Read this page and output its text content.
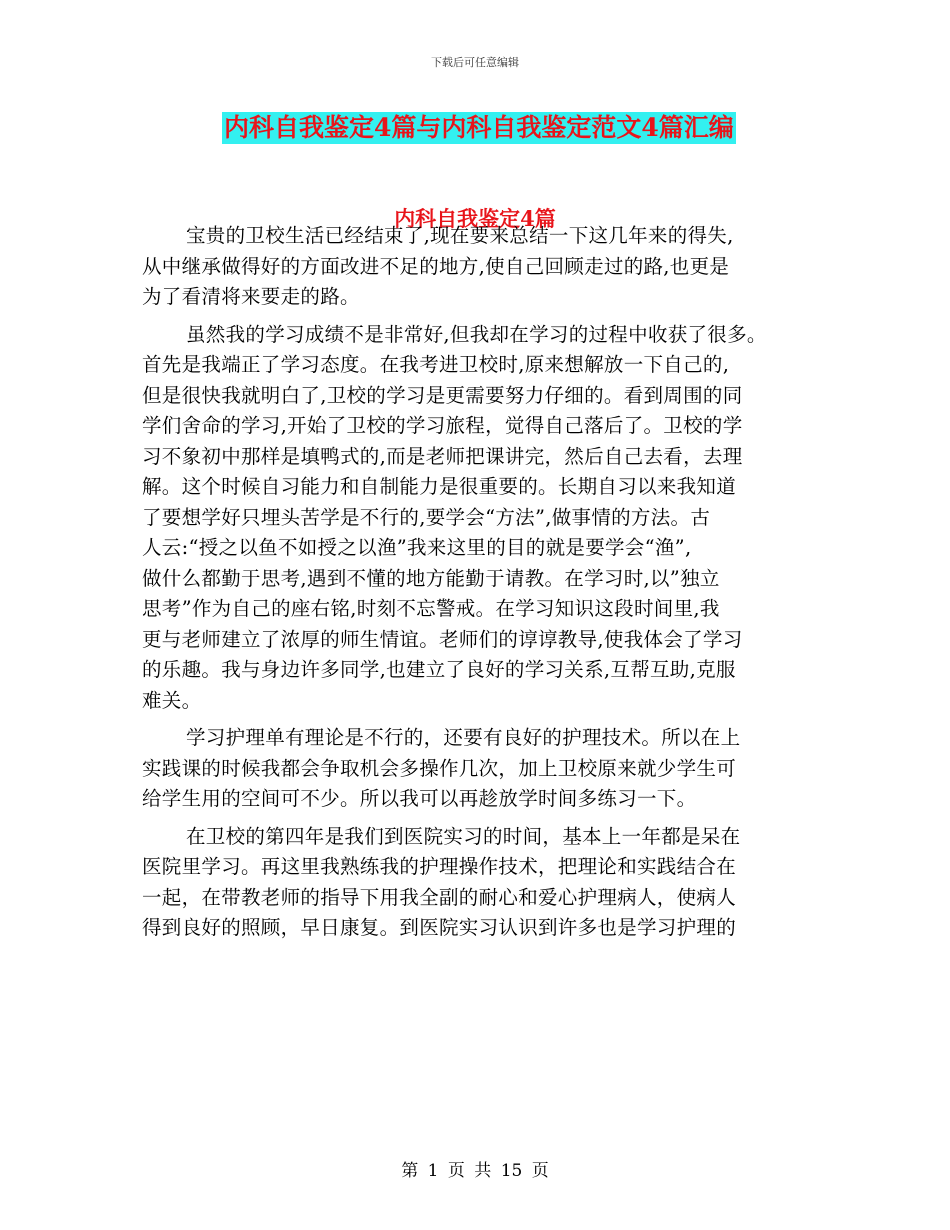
下载后可任意编辑
内科自我鉴定4篇与内科自我鉴定范文4篇汇编
内科自我鉴定4篇

宝贵的卫校生活已经结束了,现在要来总结一下这几年来的得失,
从中继承做得好的方面改进不足的地方,使自己回顾走过的路,也更是
为了看清将来要走的路。

虽然我的学习成绩不是非常好,但我却在学习的过程中收获了很多。
首先是我端正了学习态度。在我考进卫校时,原来想解放一下自己的,
但是很快我就明白了,卫校的学习是更需要努力仔细的。看到周围的同
学们舍命的学习,开始了卫校的学习旅程，觉得自己落后了。卫校的学
习不象初中那样是填鸭式的,而是老师把课讲完，然后自己去看，去理
解。这个时候自习能力和自制能力是很重要的。长期自习以来我知道
了要想学好只埋头苦学是不行的,要学会“方法”,做事情的方法。古
人云:“授之以鱼不如授之以渔”我来这里的目的就是要学会“渔”,
做什么都勤于思考,遇到不懂的地方能勤于请教。在学习时,以”独立
思考”作为自己的座右铭,时刻不忘警戒。在学习知识这段时间里,我
更与老师建立了浓厚的师生情谊。老师们的谆谆教导,使我体会了学习
的乐趣。我与身边许多同学,也建立了良好的学习关系,互帮互助,克服
难关。

学习护理单有理论是不行的，还要有良好的护理技术。所以在上
实践课的时候我都会争取机会多操作几次，加上卫校原来就少学生可
给学生用的空间可不少。所以我可以再趁放学时间多练习一下。

在卫校的第四年是我们到医院实习的时间，基本上一年都是呆在
医院里学习。再这里我熟练我的护理操作技术，把理论和实践结合在
一起，在带教老师的指导下用我全副的耐心和爱心护理病人，使病人
得到良好的照顾，早日康复。到医院实习认识到许多也是学习护理的

第 1 页 共 15 页
